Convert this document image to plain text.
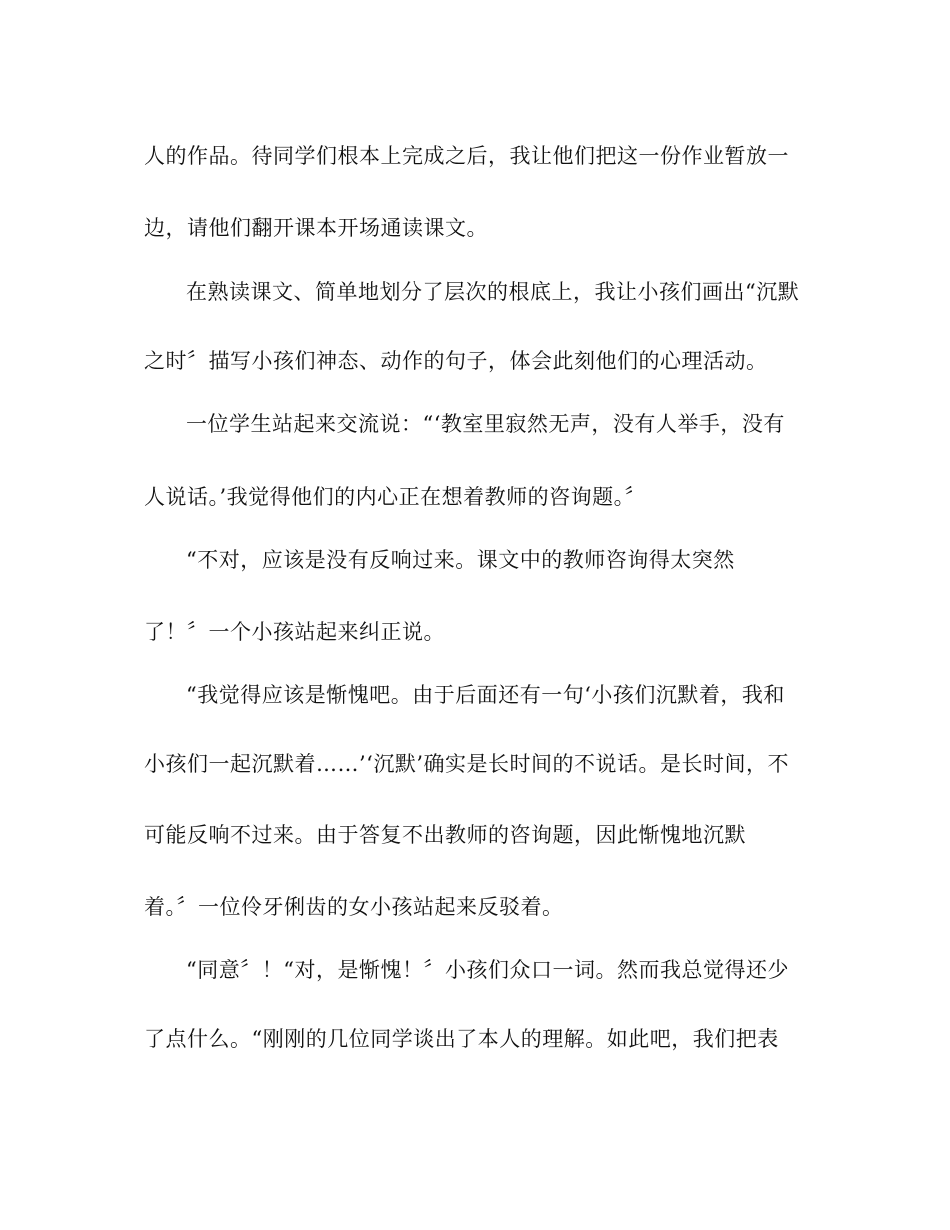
人的作品。待同学们根本上完成之后，我让他们把这一份作业暂放一
边，请他们翻开课本开场通读课文。
在熟读课文、简单地划分了层次的根底上，我让小孩们画出“沉默
之时〞描写小孩们神态、动作的句子，体会此刻他们的心理活动。
一位学生站起来交流说：“‘教室里寂然无声，没有人举手，没有
人说话。’我觉得他们的内心正在想着教师的咨询题。〞
“不对，应该是没有反响过来。课文中的教师咨询得太突然
了！〞一个小孩站起来纠正说。
“我觉得应该是惭愧吧。由于后面还有一句‘小孩们沉默着，我和
小孩们一起沉默着……’‘沉默’确实是长时间的不说话。是长时间，不
可能反响不过来。由于答复不出教师的咨询题，因此惭愧地沉默
着。〞一位伶牙俐齿的女小孩站起来反驳着。
“同意〞！“对，是惭愧！〞小孩们众口一词。然而我总觉得还少
了点什么。“刚刚的几位同学谈出了本人的理解。如此吧，我们把表
